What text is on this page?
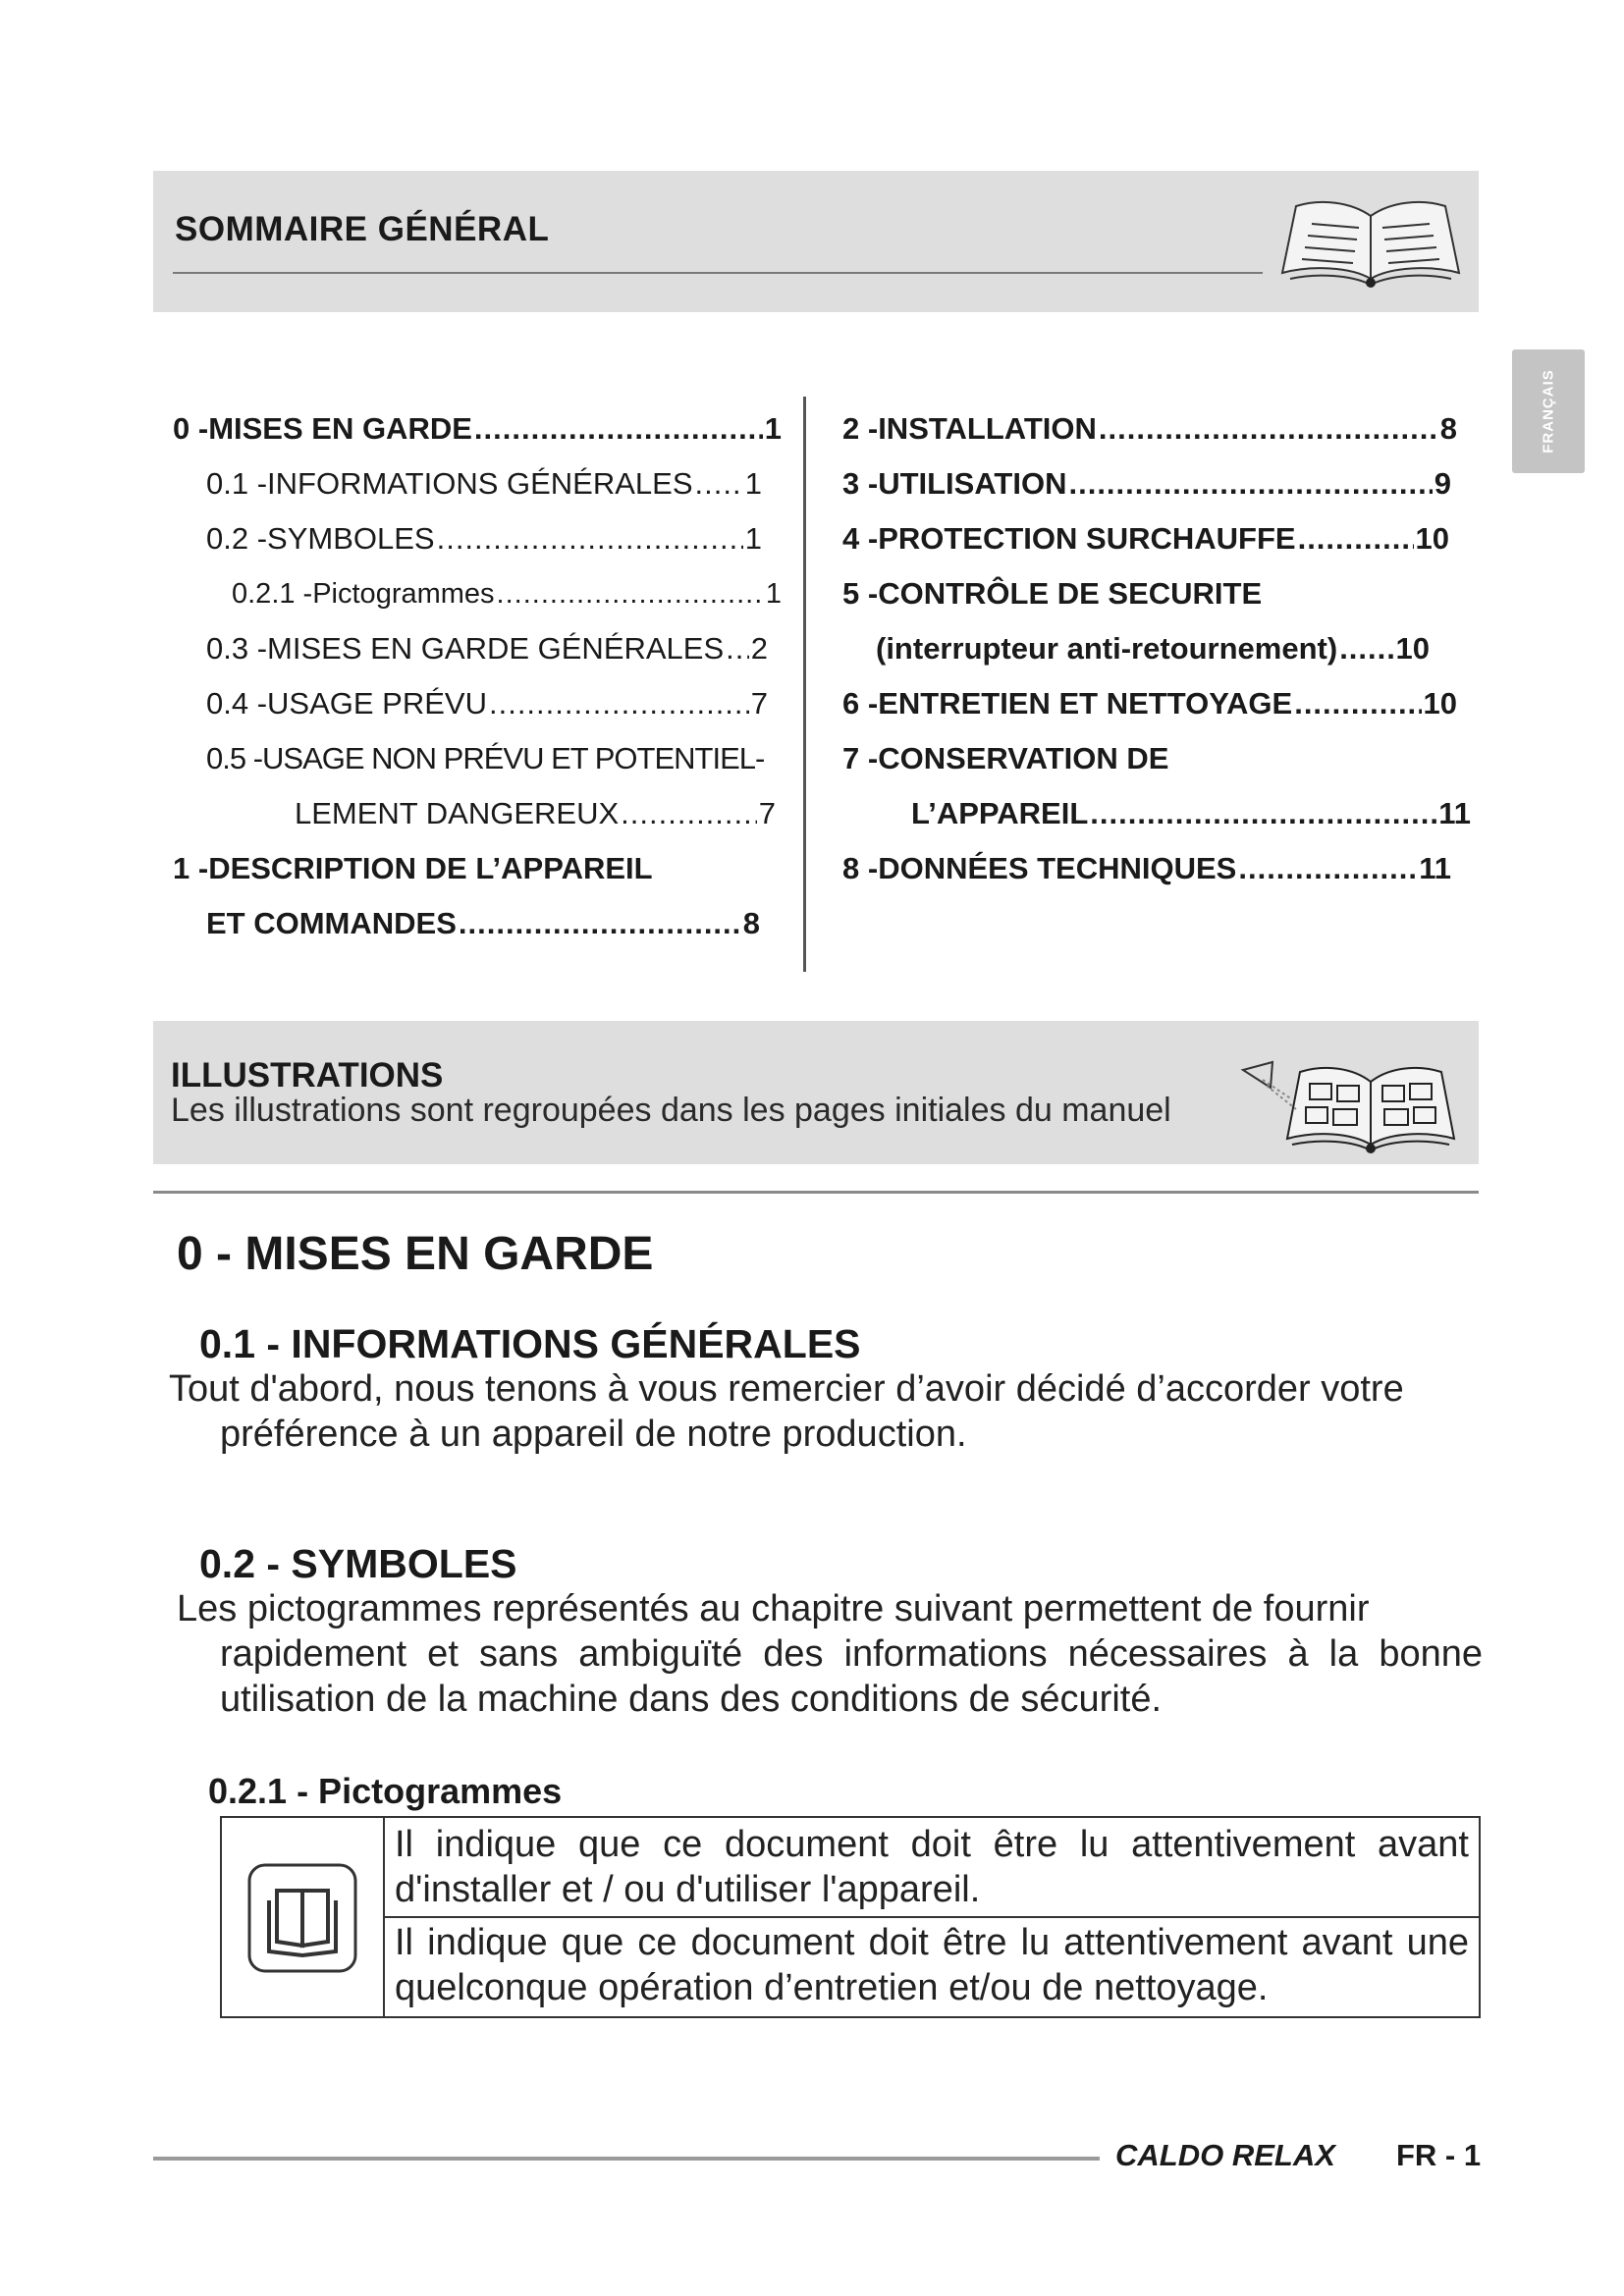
SOMMAIRE GÉNÉRAL
FRANÇAIS
0 - MISES EN GARDE .....	1
0.1 - INFORMATIONS GÉNÉRALES ..... 1
0.2 - SYMBOLES .....	1
0.2.1 - Pictogrammes .....	1
0.3 - MISES EN GARDE GÉNÉRALES ..... 2
0.4 - USAGE PRÉVU .....	7
0.5 - USAGE NON PRÉVU ET POTENTIEL-
LEMENT DANGEREUX .....	7
1 - DESCRIPTION DE L’APPAREIL
ET COMMANDES .....	8
2 - INSTALLATION .....	8
3 - UTILISATION .....	9
4 - PROTECTION SURCHAUFFE .....	10
5 - CONTRÔLE DE SECURITE
(interrupteur anti-retournement) ..... 10
6 - ENTRETIEN ET NETTOYAGE .....	10
7 - CONSERVATION DE
L’APPAREIL .....	11
8 - DONNÉES TECHNIQUES .....	11
ILLUSTRATIONS
Les illustrations sont regroupées dans les pages initiales du manuel
0 - MISES EN GARDE
0.1 - INFORMATIONS GÉNÉRALES
Tout d'abord, nous tenons à vous remercier d’avoir décidé d’accorder votre
préférence à un appareil de notre production.
0.2 - SYMBOLES
Les pictogrammes représentés au chapitre suivant permettent de fournir
rapidement et sans ambiguïté des informations nécessaires à la bonne
utilisation de la machine dans des conditions de sécurité.
0.2.1 - Pictogrammes
Il indique que ce document doit être lu attentivement avant d'installer et / ou d'utiliser l'appareil.
Il indique que ce document doit être lu attentivement avant une quelconque opération d’entretien et/ou de nettoyage.
CALDO RELAX FR - 1
